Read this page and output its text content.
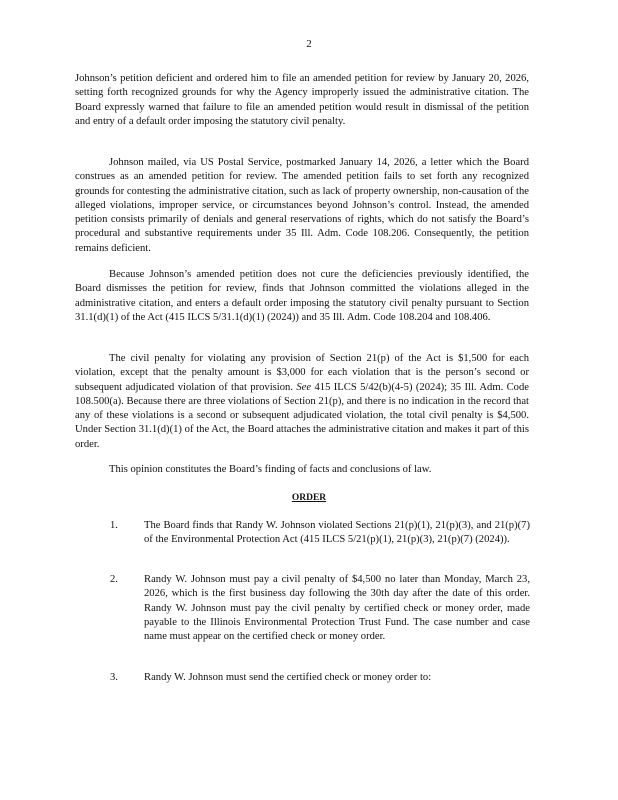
2

Johnson’s petition deficient and ordered him to file an amended petition for review by January 20, 2026, setting forth recognized grounds for why the Agency improperly issued the administrative citation. The Board expressly warned that failure to file an amended petition would result in dismissal of the petition and entry of a default order imposing the statutory civil penalty.

Johnson mailed, via US Postal Service, postmarked January 14, 2026, a letter which the Board construes as an amended petition for review. The amended petition fails to set forth any recognized grounds for contesting the administrative citation, such as lack of property ownership, non-causation of the alleged violations, improper service, or circumstances beyond Johnson’s control. Instead, the amended petition consists primarily of denials and general reservations of rights, which do not satisfy the Board’s procedural and substantive requirements under 35 Ill. Adm. Code 108.206. Consequently, the petition remains deficient.

Because Johnson’s amended petition does not cure the deficiencies previously identified, the Board dismisses the petition for review, finds that Johnson committed the violations alleged in the administrative citation, and enters a default order imposing the statutory civil penalty pursuant to Section 31.1(d)(1) of the Act (415 ILCS 5/31.1(d)(1) (2024)) and 35 Ill. Adm. Code 108.204 and 108.406.

The civil penalty for violating any provision of Section 21(p) of the Act is $1,500 for each violation, except that the penalty amount is $3,000 for each violation that is the person’s second or subsequent adjudicated violation of that provision. See 415 ILCS 5/42(b)(4-5) (2024); 35 Ill. Adm. Code 108.500(a). Because there are three violations of Section 21(p), and there is no indication in the record that any of these violations is a second or subsequent adjudicated violation, the total civil penalty is $4,500. Under Section 31.1(d)(1) of the Act, the Board attaches the administrative citation and makes it part of this order.

This opinion constitutes the Board’s finding of facts and conclusions of law.

ORDER
1. The Board finds that Randy W. Johnson violated Sections 21(p)(1), 21(p)(3), and 21(p)(7) of the Environmental Protection Act (415 ILCS 5/21(p)(1), 21(p)(3), 21(p)(7) (2024)).
2. Randy W. Johnson must pay a civil penalty of $4,500 no later than Monday, March 23, 2026, which is the first business day following the 30th day after the date of this order. Randy W. Johnson must pay the civil penalty by certified check or money order, made payable to the Illinois Environmental Protection Trust Fund. The case number and case name must appear on the certified check or money order.
3. Randy W. Johnson must send the certified check or money order to:
